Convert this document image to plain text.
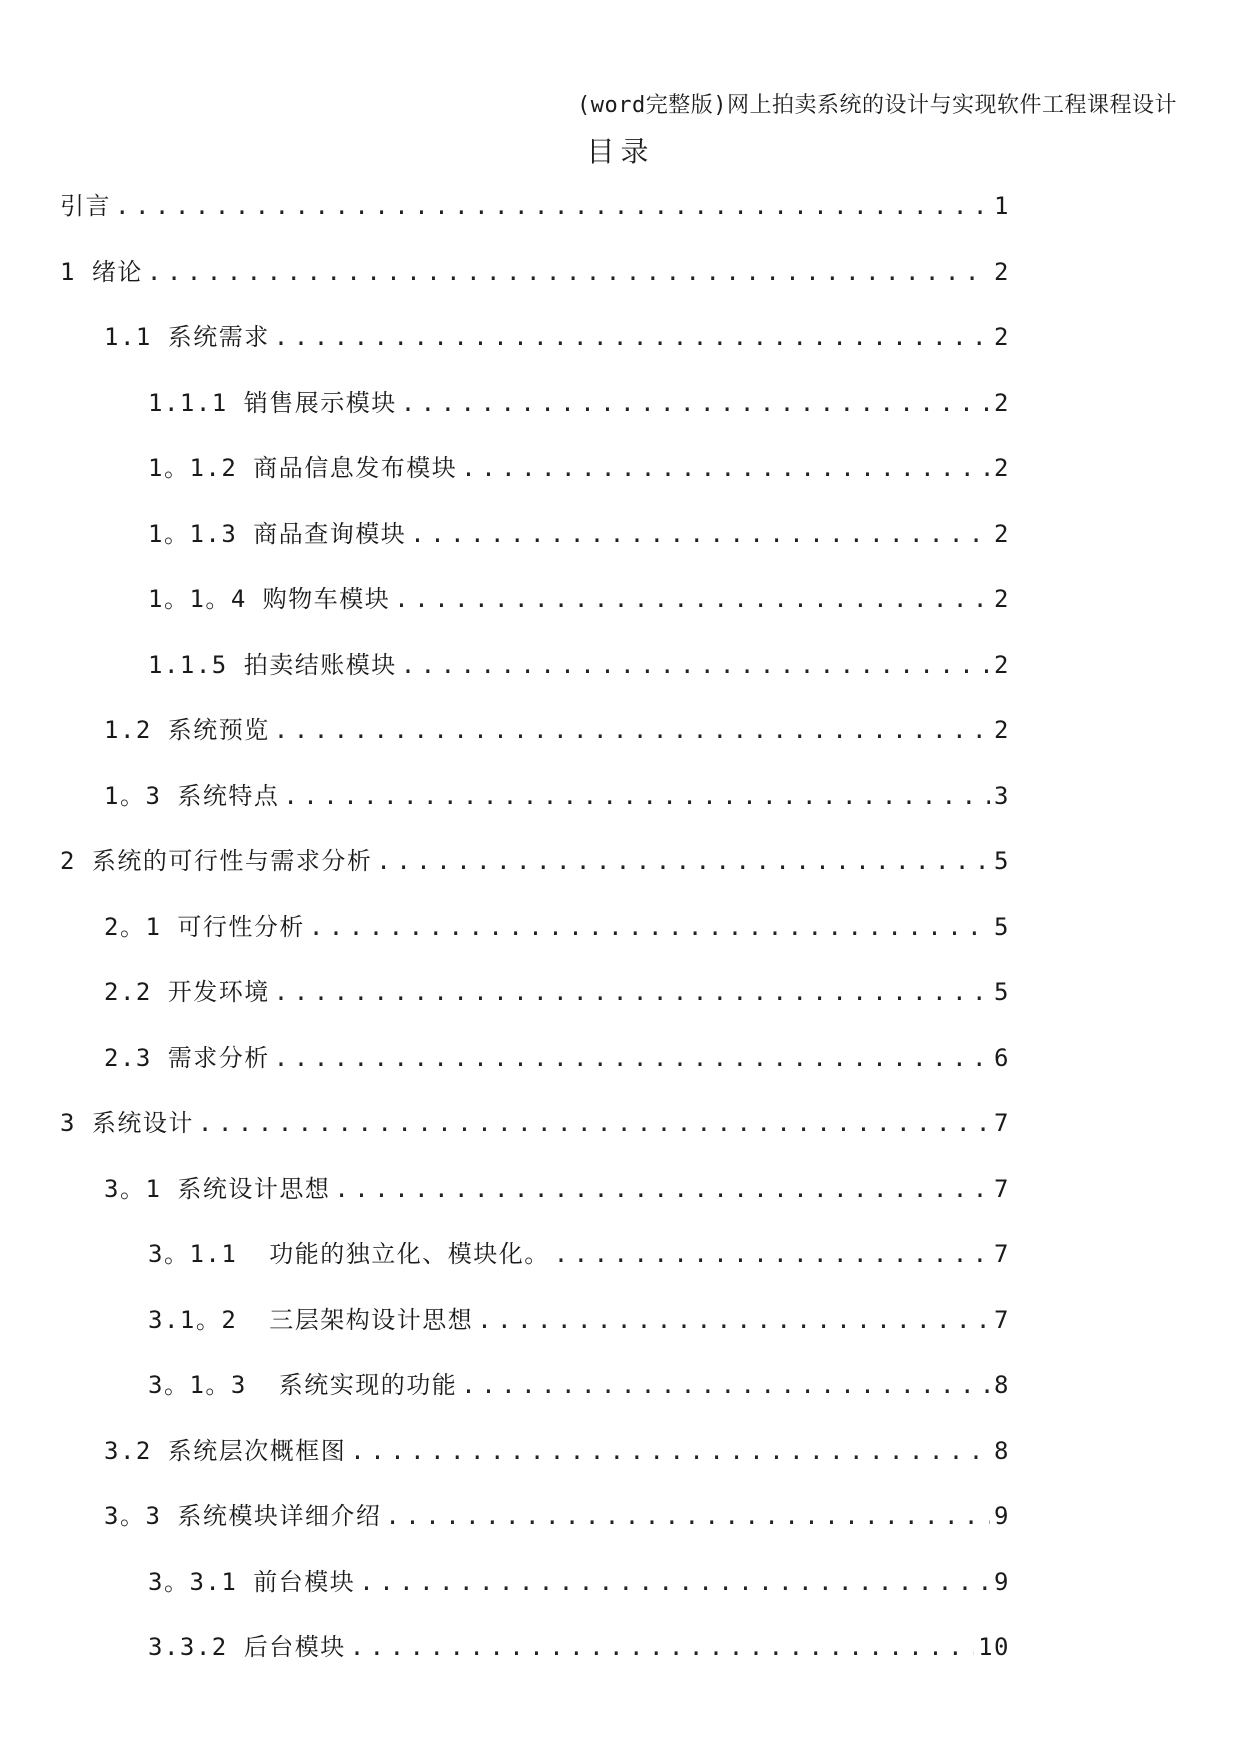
(word完整版)网上拍卖系统的设计与实现软件工程课程设计
目录
引言 .....	1
1 绪论 .....	2
1.1 系统需求 .....	2
1.1.1 销售展示模块 .....	2
1。1.2 商品信息发布模块 .....	2
1。1.3 商品查询模块 .....	2
1。1。4 购物车模块 .....	2
1.1.5 拍卖结账模块 .....	2
1.2 系统预览 .....	2
1。3 系统特点 .....	3
2 系统的可行性与需求分析 .....	5
2。1 可行性分析 .....	5
2.2 开发环境 .....	5
2.3 需求分析 .....	6
3 系统设计 .....	7
3。1 系统设计思想 .....	7
3。1.1  功能的独立化、模块化。 .....	7
3.1。2  三层架构设计思想 .....	7
3。1。3  系统实现的功能 .....	8
3.2 系统层次概框图 .....	8
3。3 系统模块详细介绍 .....	9
3。3.1 前台模块 .....	9
3.3.2 后台模块 .....	10
